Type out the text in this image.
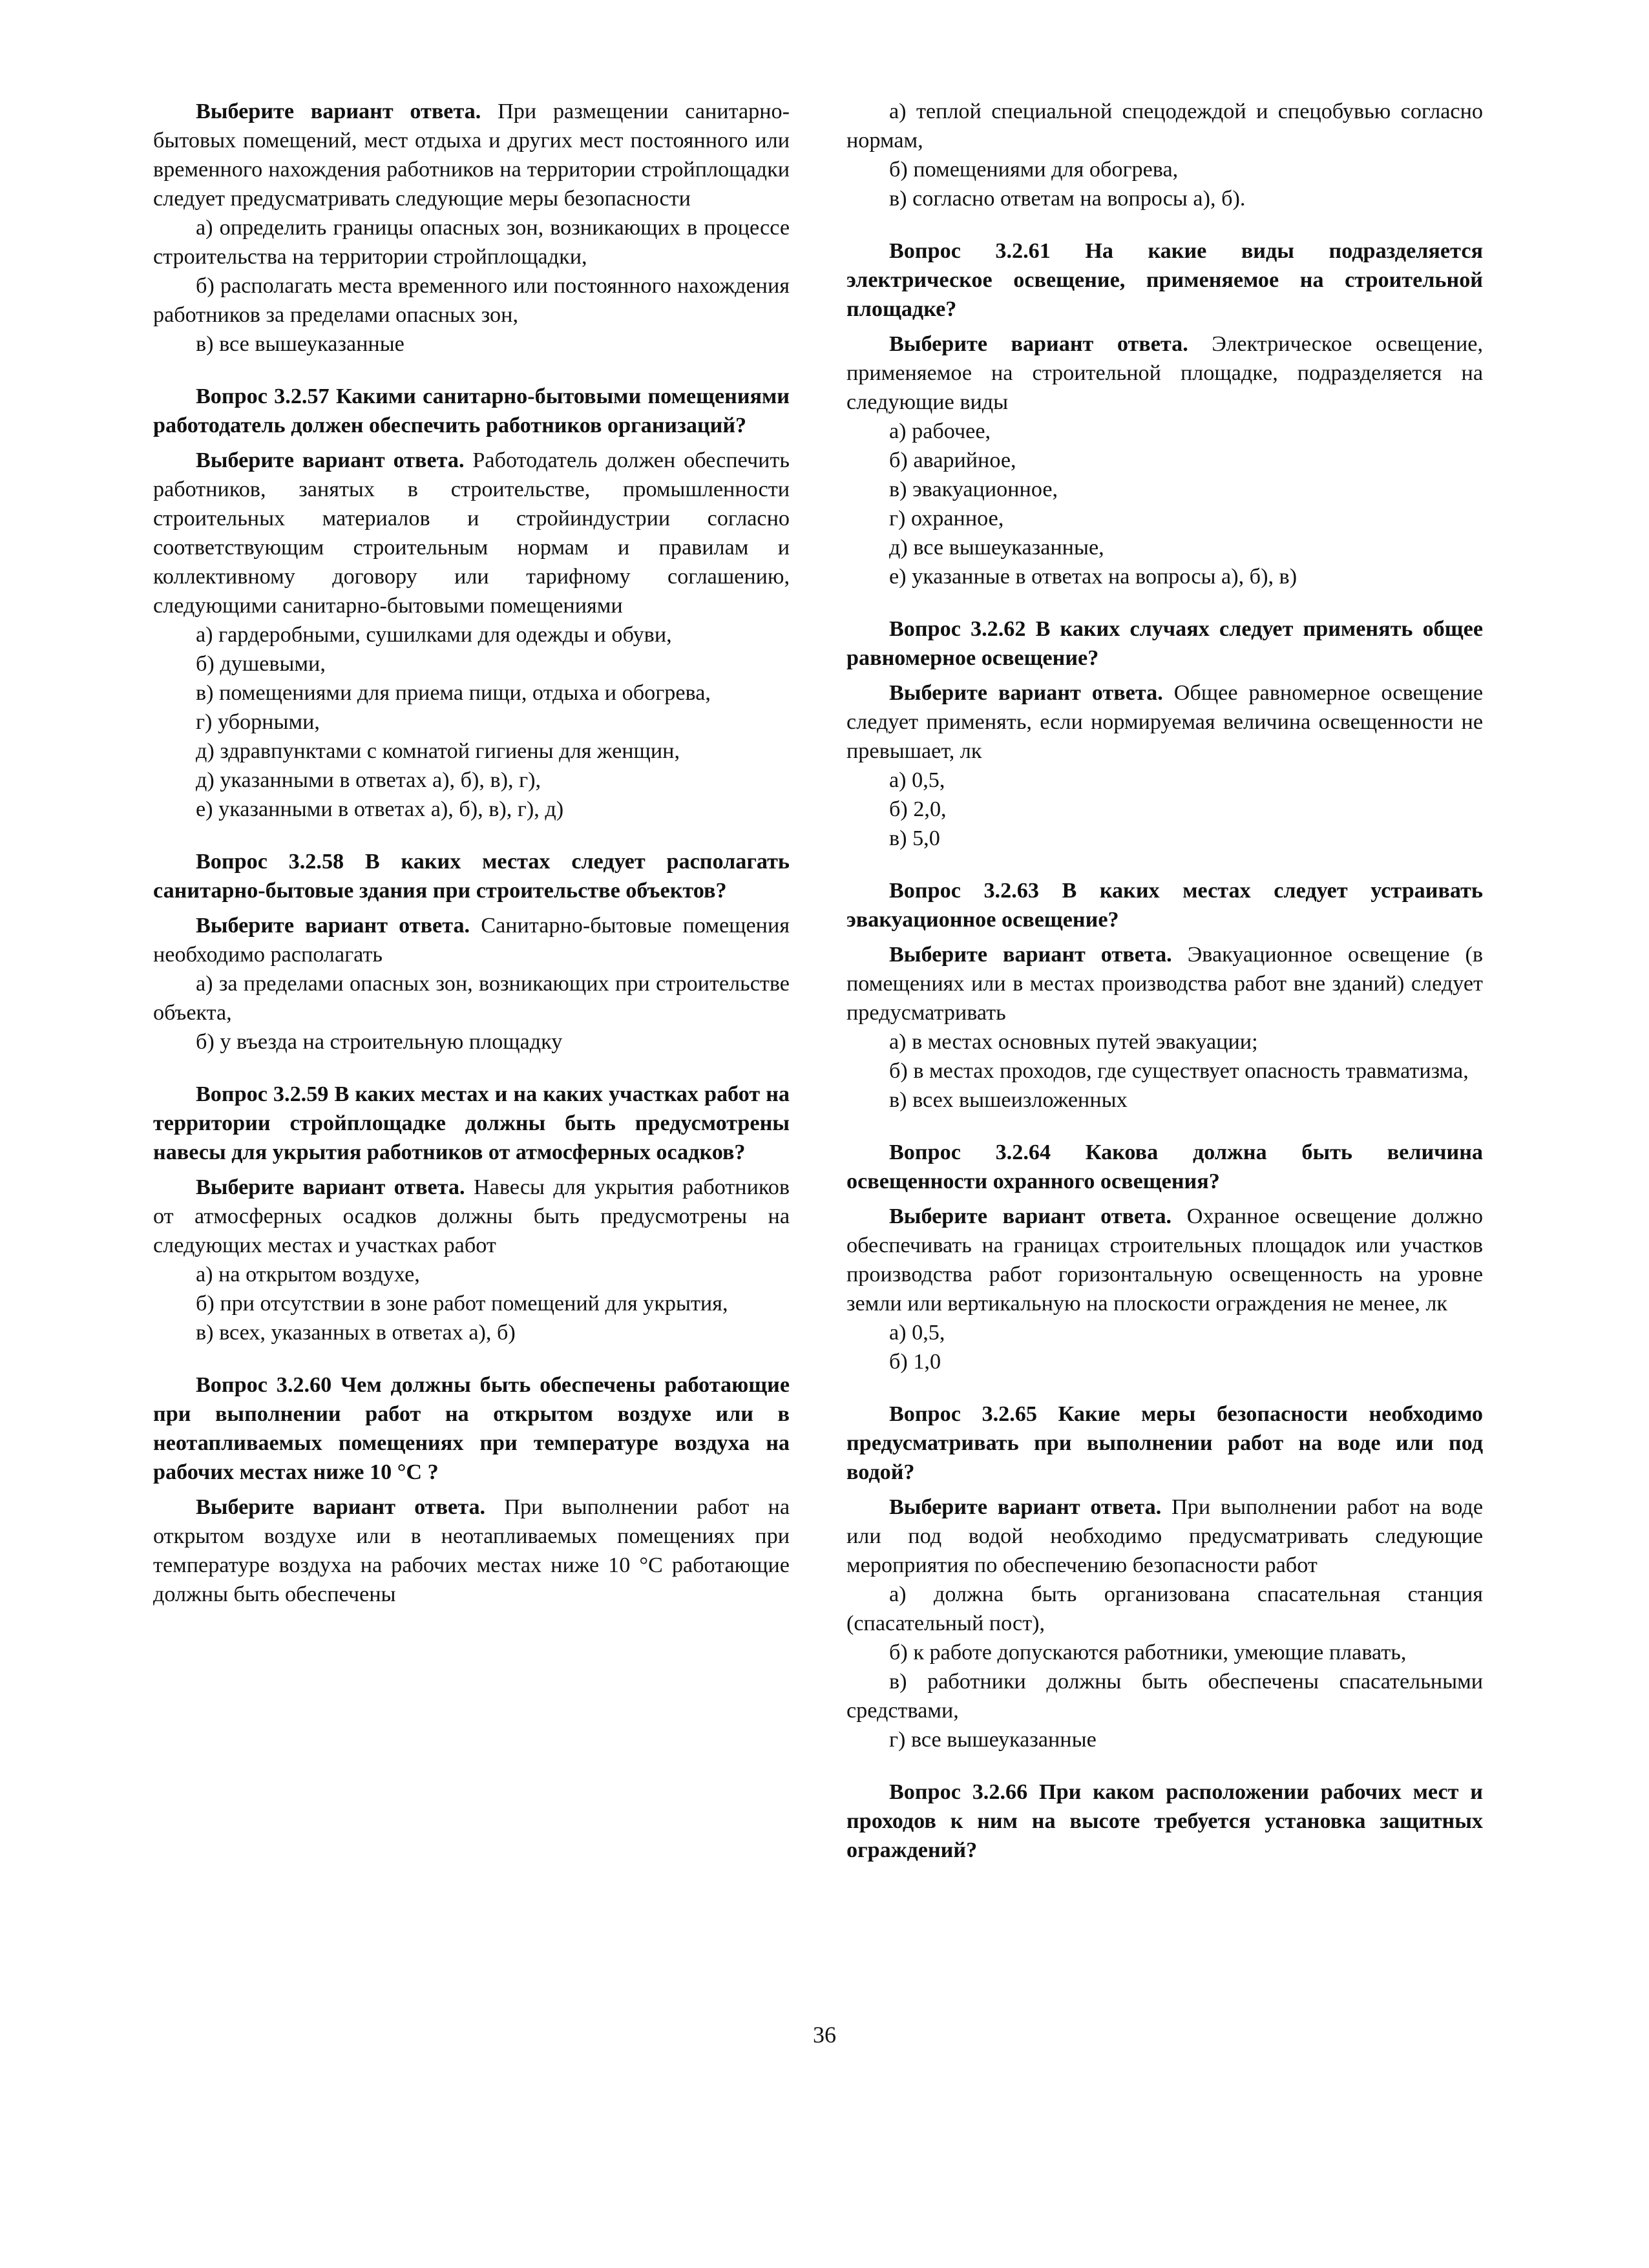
Выберите вариант ответа. При размещении санитарно-бытовых помещений, мест отдыха и других мест постоянного или временного нахождения работников на территории стройплощадки следует предусматривать следующие меры безопасности

а) определить границы опасных зон, возникающих в процессе строительства на территории стройплощадки,

б) располагать места временного или постоянного нахождения работников за пределами опасных зон,

в) все вышеуказанные

Вопрос 3.2.57 Какими санитарно-бытовыми помещениями работодатель должен обеспечить работников организаций?

Выберите вариант ответа. Работодатель должен обеспечить работников, занятых в строительстве, промышленности строительных материалов и стройиндустрии согласно соответствующим строительным нормам и правилам и коллективному договору или тарифному соглашению, следующими санитарно-бытовыми помещениями

а) гардеробными, сушилками для одежды и обуви,

б) душевыми,

в) помещениями для приема пищи, отдыха и обогрева,

г) уборными,

д) здравпунктами с комнатой гигиены для женщин,

д) указанными в ответах а), б), в), г),

е) указанными в ответах а), б), в), г), д)

Вопрос 3.2.58 В каких местах следует располагать санитарно-бытовые здания при строительстве объектов?

Выберите вариант ответа. Санитарно-бытовые помещения необходимо располагать

а) за пределами опасных зон, возникающих при строительстве объекта,

б) у въезда на строительную площадку

Вопрос 3.2.59 В каких местах и на каких участках работ на территории стройплощадке должны быть предусмотрены навесы для укрытия работников от атмосферных осадков?

Выберите вариант ответа. Навесы для укрытия работников от атмосферных осадков должны быть предусмотрены на следующих местах и участках работ

а) на открытом воздухе,

б) при отсутствии в зоне работ помещений для укрытия,

в) всех, указанных в ответах а), б)

Вопрос 3.2.60 Чем должны быть обеспечены работающие при выполнении работ на открытом воздухе или в неотапливаемых помещениях при температуре воздуха на рабочих местах ниже 10 °С ?

Выберите вариант ответа. При выполнении работ на открытом воздухе или в неотапливаемых помещениях при температуре воздуха на рабочих местах ниже 10 °С работающие должны быть обеспечены

а) теплой специальной спецодеждой и спецобувью согласно нормам,

б) помещениями для обогрева,

в) согласно ответам на вопросы а), б).

Вопрос 3.2.61 На какие виды подразделяется электрическое освещение, применяемое на строительной площадке?

Выберите вариант ответа. Электрическое освещение, применяемое на строительной площадке, подразделяется на следующие виды

а) рабочее,

б) аварийное,

в) эвакуационное,

г) охранное,

д) все вышеуказанные,

е) указанные в ответах на вопросы а), б), в)

Вопрос 3.2.62 В каких случаях следует применять общее равномерное освещение?

Выберите вариант ответа. Общее равномерное освещение следует применять, если нормируемая величина освещенности не превышает, лк

а) 0,5,

б) 2,0,

в) 5,0

Вопрос 3.2.63 В каких местах следует устраивать эвакуационное освещение?

Выберите вариант ответа. Эвакуационное освещение (в помещениях или в местах производства работ вне зданий) следует предусматривать

а) в местах основных путей эвакуации;

б) в местах проходов, где существует опасность травматизма,

в) всех вышеизложенных

Вопрос 3.2.64 Какова должна быть величина освещенности охранного освещения?

Выберите вариант ответа. Охранное освещение должно обеспечивать на границах строительных площадок или участков производства работ горизонтальную освещенность на уровне земли или вертикальную на плоскости ограждения не менее, лк

а) 0,5,

б) 1,0

Вопрос 3.2.65 Какие меры безопасности необходимо предусматривать при выполнении работ на воде или под водой?

Выберите вариант ответа. При выполнении работ на воде или под водой необходимо предусматривать следующие мероприятия по обеспечению безопасности работ

а) должна быть организована спасательная станция (спасательный пост),

б) к работе допускаются работники, умеющие плавать,

в) работники должны быть обеспечены спасательными средствами,

г) все вышеуказанные

Вопрос 3.2.66 При каком расположении рабочих мест и проходов к ним на высоте требуется установка защитных ограждений?

36
